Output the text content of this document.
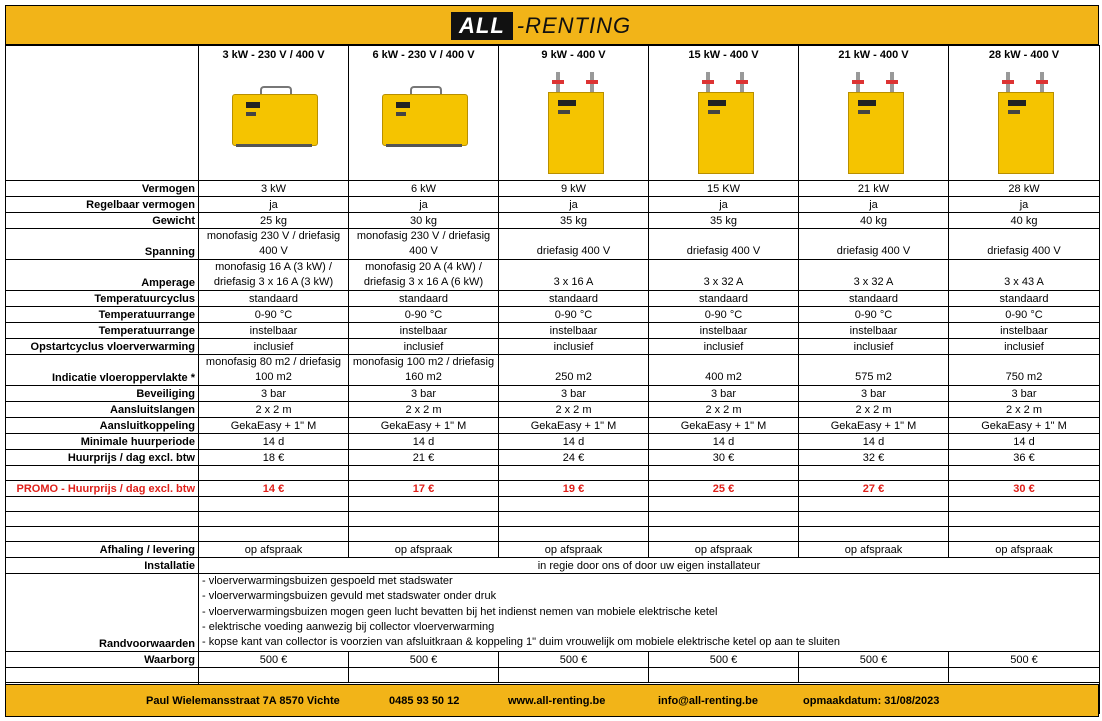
ALL -RENTING

	3 kW - 230 V / 400 V	6 kW - 230 V / 400 V	9 kW - 400 V	15 kW - 400 V	21 kW - 400 V	28 kW - 400 V

Vermogen	3 kW	6 kW	9 kW	15 KW	21 kW	28 kW
Regelbaar vermogen	ja	ja	ja	ja	ja	ja
Gewicht	25 kg	30 kg	35 kg	35 kg	40 kg	40 kg
Spanning	monofasig 230 V / driefasig 400 V	monofasig 230 V / driefasig 400 V	driefasig 400 V	driefasig 400 V	driefasig 400 V	driefasig 400 V
Amperage	monofasig 16 A (3 kW) / driefasig 3 x 16 A (3 kW)	monofasig 20 A (4 kW) / driefasig 3 x 16 A (6 kW)	3 x 16 A	3 x 32 A	3 x 32 A	3 x 43 A
Temperatuurcyclus	standaard	standaard	standaard	standaard	standaard	standaard
Temperatuurrange	0-90 °C	0-90 °C	0-90 °C	0-90 °C	0-90 °C	0-90 °C
Temperatuurrange	instelbaar	instelbaar	instelbaar	instelbaar	instelbaar	instelbaar
Opstartcyclus vloerverwarming	inclusief	inclusief	inclusief	inclusief	inclusief	inclusief
Indicatie vloeroppervlakte *	monofasig 80 m2 / driefasig 100 m2	monofasig 100 m2 / driefasig 160 m2	250 m2	400 m2	575 m2	750 m2
Beveiliging	3 bar	3 bar	3 bar	3 bar	3 bar	3 bar
Aansluitslangen	2 x 2 m	2 x 2 m	2 x 2 m	2 x 2 m	2 x 2 m	2 x 2 m
Aansluitkoppeling	GekaEasy + 1" M	GekaEasy + 1" M	GekaEasy + 1" M	GekaEasy + 1" M	GekaEasy + 1" M	GekaEasy + 1" M
Minimale huurperiode	14 d	14 d	14 d	14 d	14 d	14 d
Huurprijs / dag excl. btw	18 €	21 €	24 €	30 €	32 €	36 €

PROMO - Huurprijs / dag excl. btw	14 €	17 €	19 €	25 €	27 €	30 €

Afhaling / levering	op afspraak	op afspraak	op afspraak	op afspraak	op afspraak	op afspraak
Installatie	in regie door ons of door uw eigen installateur					
Randvoorwaarden	- vloerverwarmingsbuizen gespoeld met stadswater
- vloerverwarmingsbuizen gevuld met stadswater onder druk
- vloerverwarmingsbuizen mogen geen lucht bevatten bij het indienst nemen van mobiele elektrische ketel
- elektrische voeding aanwezig bij collector vloerverwarming
- kopse kant van collector is voorzien van afsluitkraan & koppeling 1" duim vrouwelijk om mobiele elektrische ketel op aan te sluiten					

Waarborg	500 €	500 €	500 €	500 €	500 €	500 €

Paul Wielemansstraat 7A 8570 Vichte	0485 93 50 12	www.all-renting.be	info@all-renting.be	opmaakdatum: 31/08/2023
